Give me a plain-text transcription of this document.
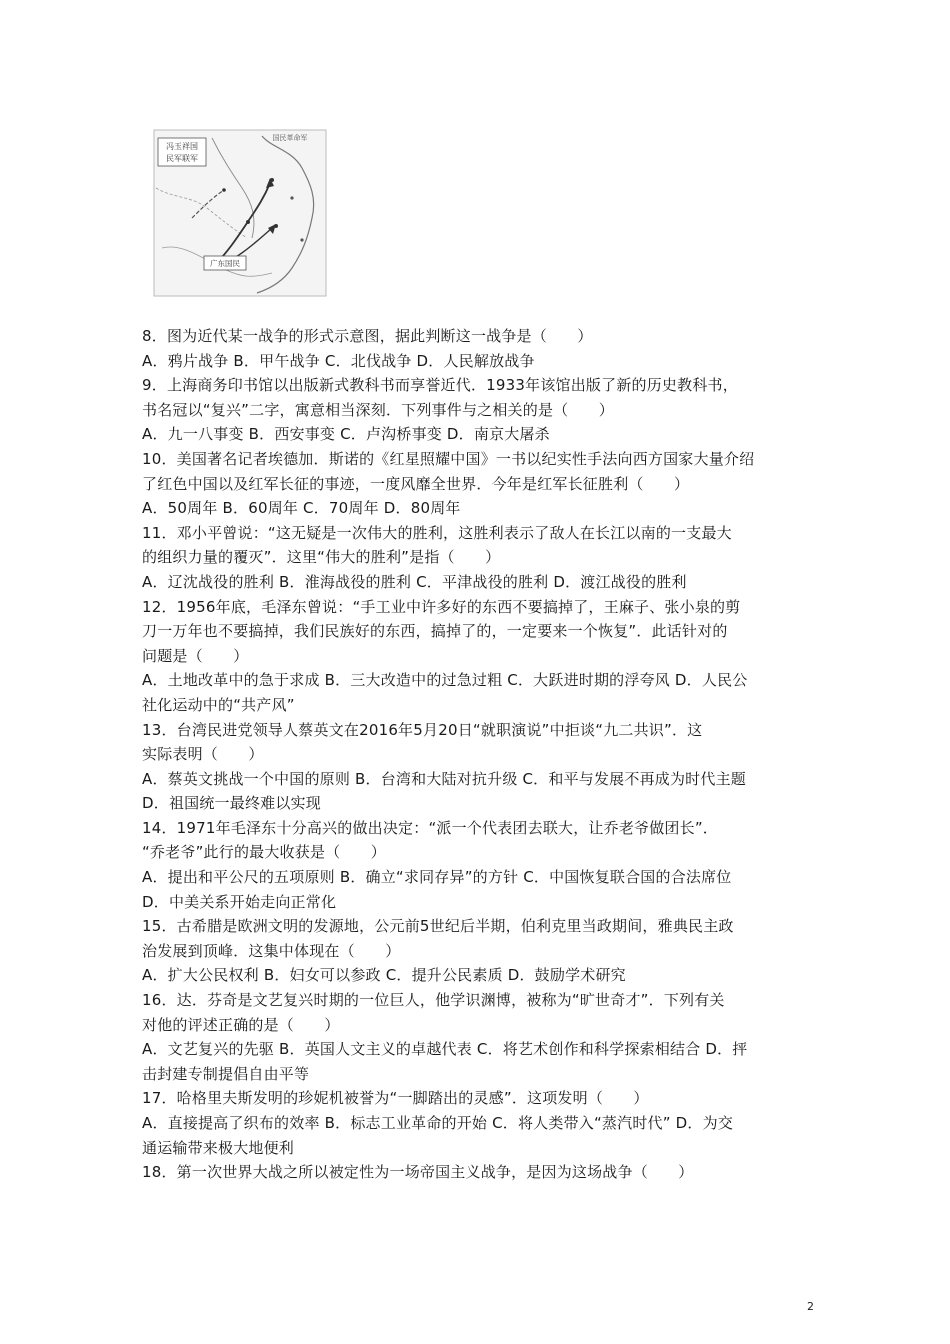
冯玉祥国
民军联军
广东国民
国民革命军
8．图为近代某一战争的形式示意图，据此判断这一战争是（　　）
A．鸦片战争 B．甲午战争 C．北伐战争 D．人民解放战争
9．上海商务印书馆以出版新式教科书而享誉近代．1933年该馆出版了新的历史教科书，
书名冠以“复兴”二字，寓意相当深刻．下列事件与之相关的是（　　）
A．九一八事变 B．西安事变 C．卢沟桥事变 D．南京大屠杀
10．美国著名记者埃德加．斯诺的《红星照耀中国》一书以纪实性手法向西方国家大量介绍
了红色中国以及红军长征的事迹，一度风靡全世界．今年是红军长征胜利（　　）
A．50周年 B．60周年 C．70周年 D．80周年
11．邓小平曾说：“这无疑是一次伟大的胜利，这胜利表示了敌人在长江以南的一支最大
的组织力量的覆灭”．这里“伟大的胜利”是指（　　）
A．辽沈战役的胜利 B．淮海战役的胜利 C．平津战役的胜利 D．渡江战役的胜利
12．1956年底，毛泽东曾说：“手工业中许多好的东西不要搞掉了，王麻子、张小泉的剪
刀一万年也不要搞掉，我们民族好的东西，搞掉了的，一定要来一个恢复”．此话针对的
问题是（　　）
A．土地改革中的急于求成 B．三大改造中的过急过粗 C．大跃进时期的浮夸风 D．人民公
社化运动中的“共产风”
13．台湾民进党领导人蔡英文在2016年5月20日“就职演说”中拒谈“九二共识”．这
实际表明（　　）
A．蔡英文挑战一个中国的原则 B．台湾和大陆对抗升级 C．和平与发展不再成为时代主题
D．祖国统一最终难以实现
14．1971年毛泽东十分高兴的做出决定：“派一个代表团去联大，让乔老爷做团长”．
“乔老爷”此行的最大收获是（　　）
A．提出和平公尺的五项原则 B．确立“求同存异”的方针 C．中国恢复联合国的合法席位
D．中美关系开始走向正常化
15．古希腊是欧洲文明的发源地，公元前5世纪后半期，伯利克里当政期间，雅典民主政
治发展到顶峰．这集中体现在（　　）
A．扩大公民权利 B．妇女可以参政 C．提升公民素质 D．鼓励学术研究
16．达．芬奇是文艺复兴时期的一位巨人，他学识渊博，被称为“旷世奇才”．下列有关
对他的评述正确的是（　　）
A．文艺复兴的先驱 B．英国人文主义的卓越代表 C．将艺术创作和科学探索相结合 D．抨
击封建专制提倡自由平等
17．哈格里夫斯发明的珍妮机被誉为“一脚踏出的灵感”．这项发明（　　）
A．直接提高了织布的效率 B．标志工业革命的开始 C．将人类带入“蒸汽时代” D．为交
通运输带来极大地便利
18．第一次世界大战之所以被定性为一场帝国主义战争，是因为这场战争（　　）
2
